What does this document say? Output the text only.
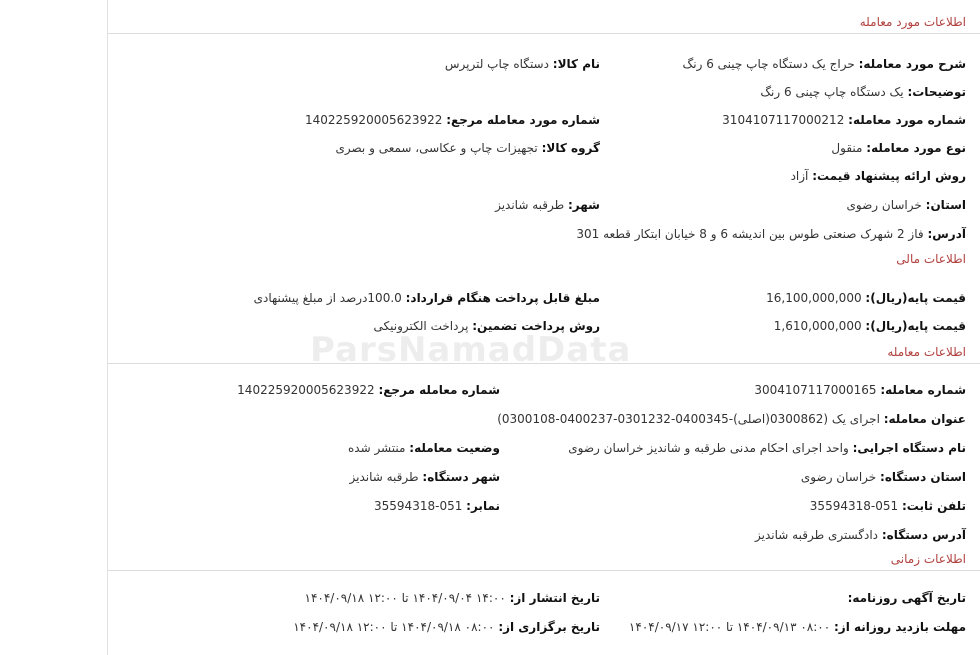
اطلاعات مورد معامله
شرح مورد معامله: حراج یک دستگاه چاپ چینی 6 رنگ
نام کالا: دستگاه چاپ لترپرس
توضیحات: یک دستگاه چاپ چینی 6 رنگ
شماره مورد معامله: 3104107117000212
شماره مورد معامله مرجع: 140225920005623922
نوع مورد معامله: منقول
گروه کالا: تجهیزات چاپ و عکاسی، سمعی و بصری
روش ارائه پیشنهاد قیمت: آزاد
استان: خراسان رضوی
شهر: طرقبه شاندیز
آدرس: فاز 2 شهرک صنعتی طوس بین اندیشه 6 و 8 خیابان ابتکار قطعه 301
اطلاعات مالی
قیمت پایه(ریال): 16,100,000,000
مبلغ قابل پرداخت هنگام قرارداد: 100.0درصد از مبلغ پیشنهادی
قیمت پایه(ریال): 1,610,000,000
روش پرداخت تضمین: پرداخت الکترونیکی
اطلاعات معامله
شماره معامله: 3004107117000165
شماره معامله مرجع: 140225920005623922
عنوان معامله: اجرای یک (0300862(اصلی)-0400345-0301232-0400237-0300108)
نام دستگاه اجرایی: واحد اجرای احکام مدنی طرقبه و شاندیز خراسان رضوی
وضعیت معامله: منتشر شده
استان دستگاه: خراسان رضوی
شهر دستگاه: طرقبه شاندیز
تلفن ثابت: 051-35594318
نمابر: 051-35594318
آدرس دستگاه: دادگستری طرقبه شاندیز
اطلاعات زمانی
تاریخ آگهی روزنامه:
تاریخ انتشار از: ۱۴:۰۰ ۱۴۰۴/۰۹/۰۴ تا ۱۲:۰۰ ۱۴۰۴/۰۹/۱۸
مهلت بازدید روزانه از: ۰۸:۰۰ ۱۴۰۴/۰۹/۱۳ تا ۱۲:۰۰ ۱۴۰۴/۰۹/۱۷
تاریخ برگزاری از: ۰۸:۰۰ ۱۴۰۴/۰۹/۱۸ تا ۱۲:۰۰ ۱۴۰۴/۰۹/۱۸
ParsNamadData
